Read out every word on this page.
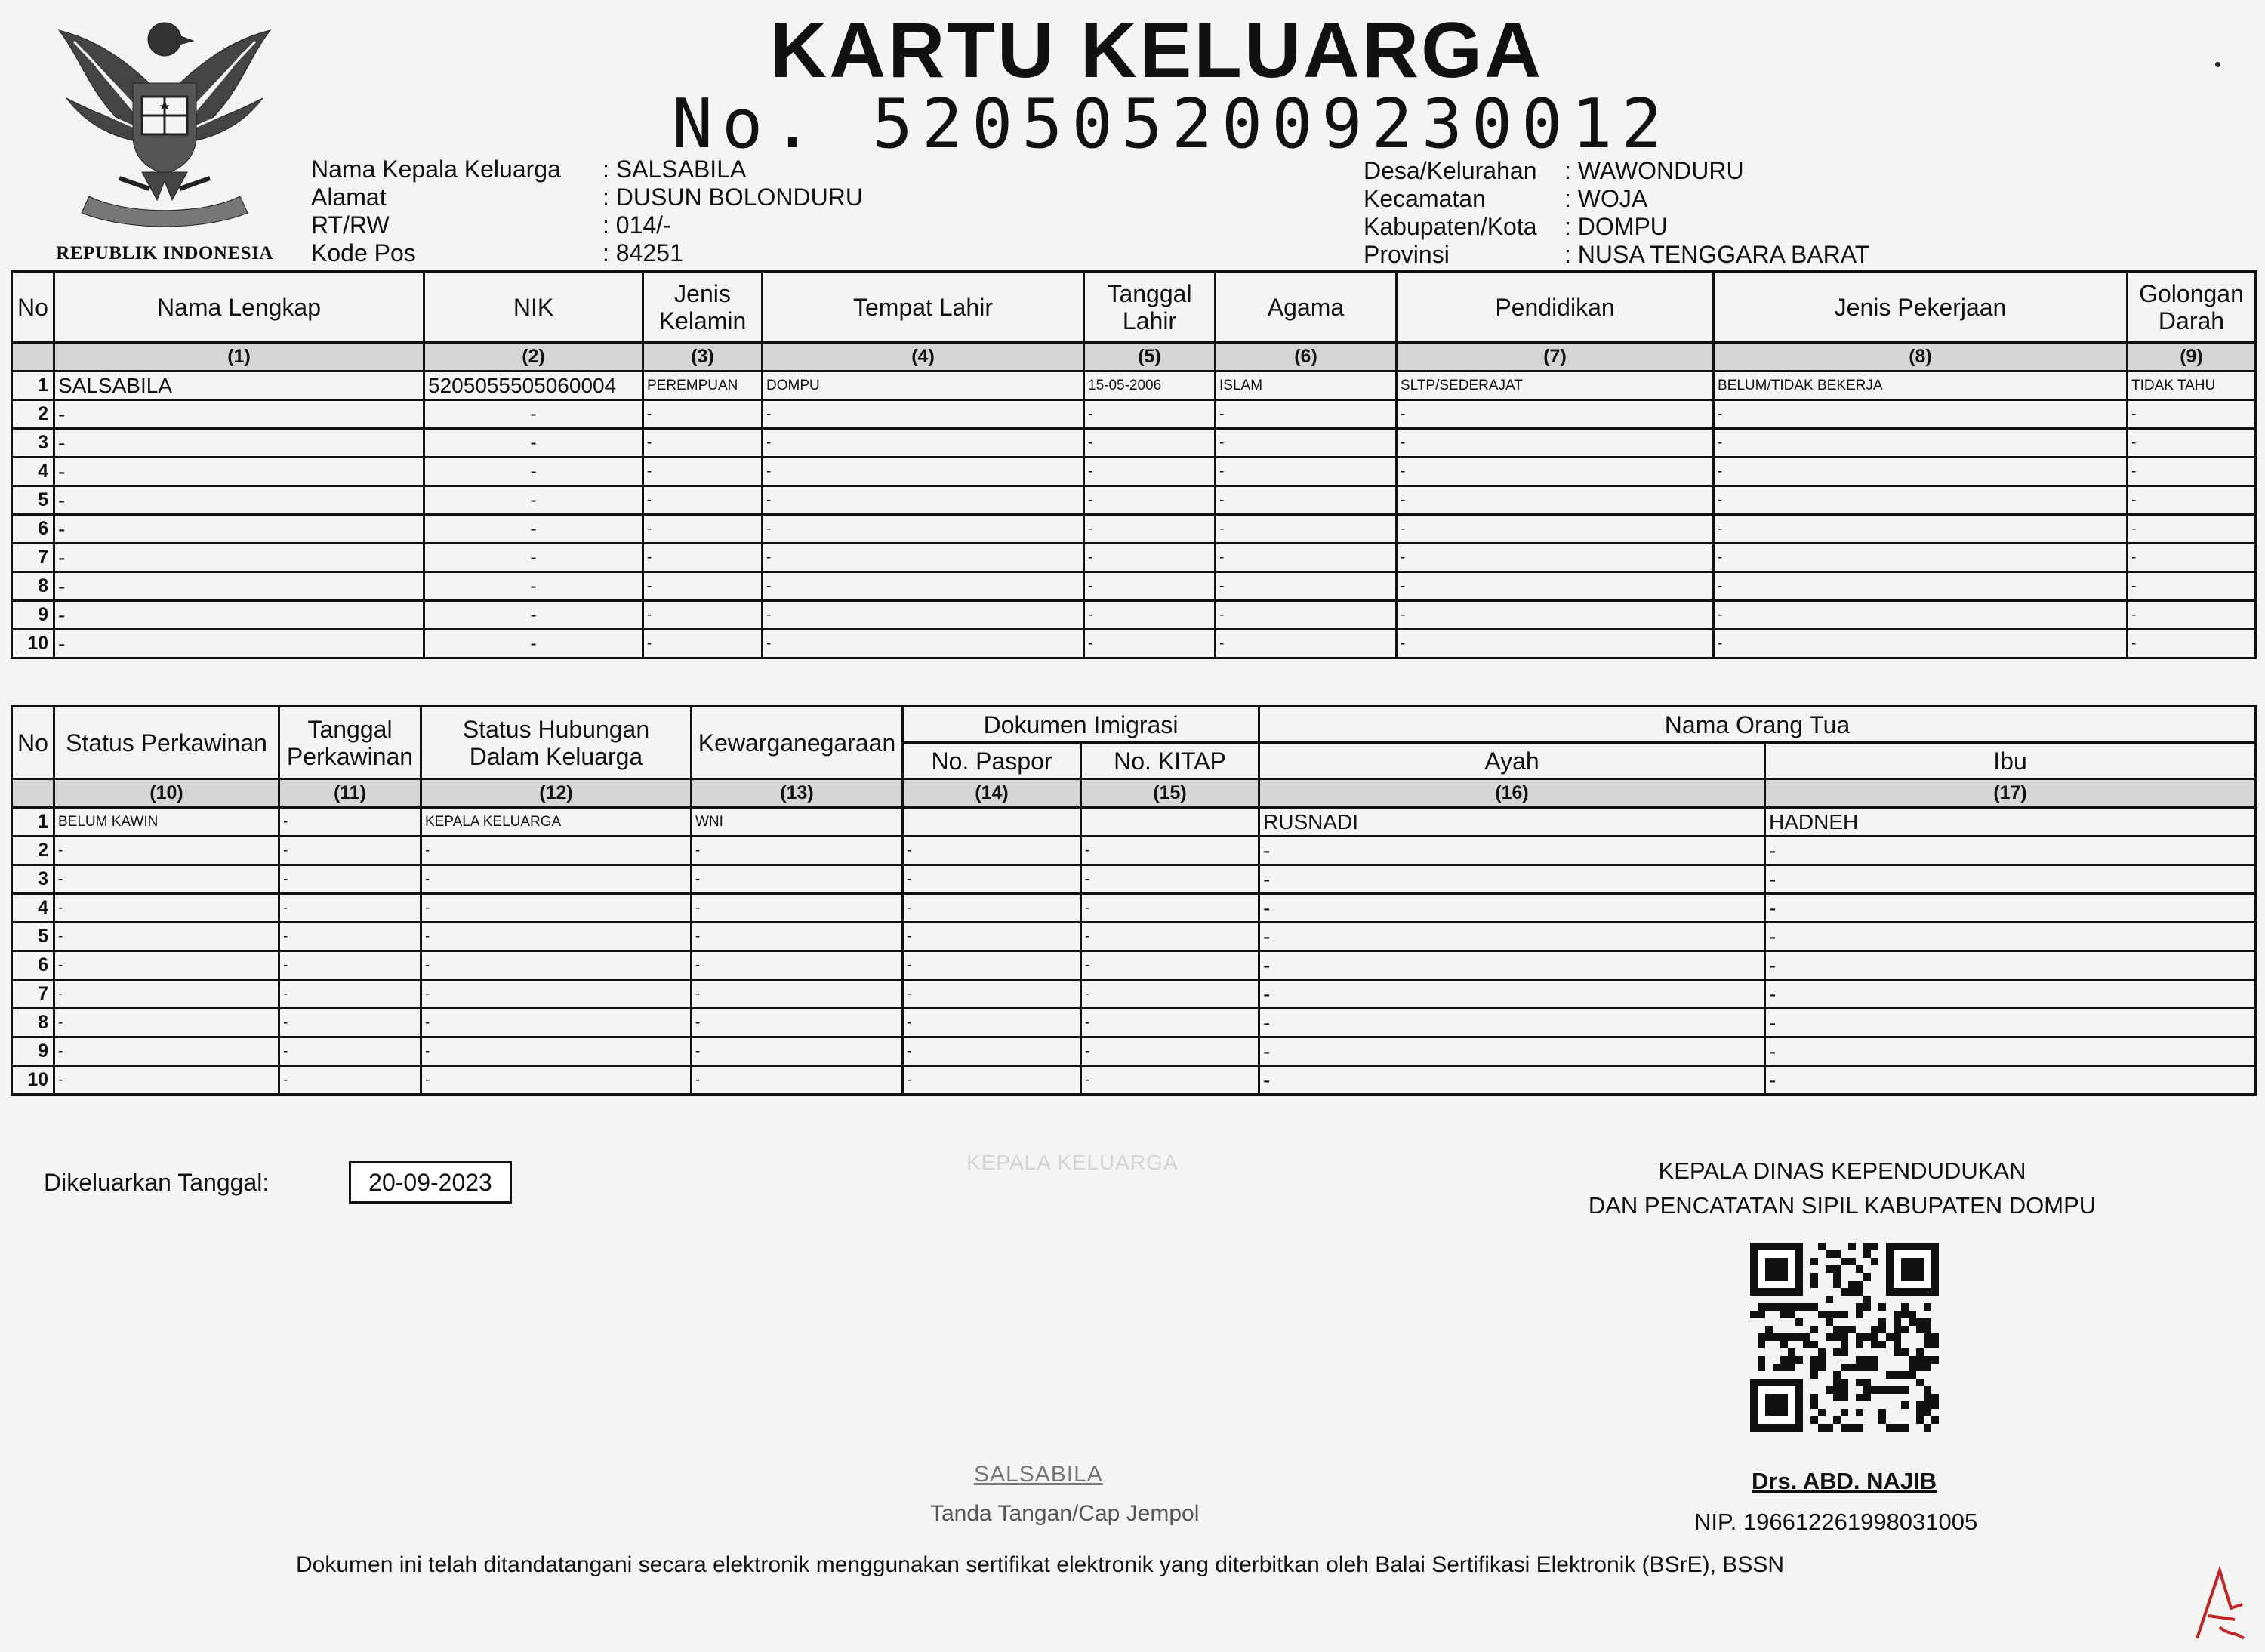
REPUBLIK INDONESIA
KARTU KELUARGA
No. 5205052009230012
Nama Kepala Keluarga	: SALSABILA
Alamat	: DUSUN BOLONDURU
RT/RW	: 014/-
Kode Pos	: 84251
Desa/Kelurahan	: WAWONDURU
Kecamatan	: WOJA
Kabupaten/Kota	: DOMPU
Provinsi	: NUSA TENGGARA BARAT
No	Nama Lengkap	NIK	Jenis Kelamin	Tempat Lahir	Tanggal Lahir	Agama	Pendidikan	Jenis Pekerjaan	Golongan Darah
	(1)	(2)	(3)	(4)	(5)	(6)	(7)	(8)	(9)
1	SALSABILA	5205055505060004	PEREMPUAN	DOMPU	15-05-2006	ISLAM	SLTP/SEDERAJAT	BELUM/TIDAK BEKERJA	TIDAK TAHU
2	-	-	-	-	-	-	-	-	-
3	-	-	-	-	-	-	-	-	-
4	-	-	-	-	-	-	-	-	-
5	-	-	-	-	-	-	-	-	-
6	-	-	-	-	-	-	-	-	-
7	-	-	-	-	-	-	-	-	-
8	-	-	-	-	-	-	-	-	-
9	-	-	-	-	-	-	-	-	-
10	-	-	-	-	-	-	-	-	-
No	Status Perkawinan	Tanggal Perkawinan	Status Hubungan Dalam Keluarga	Kewarganegaraan	Dokumen Imigrasi		Nama Orang Tua	
					No. Paspor	No. KITAP	Ayah	Ibu
	(10)	(11)	(12)	(13)	(14)	(15)	(16)	(17)
1	BELUM KAWIN	-	KEPALA KELUARGA	WNI			RUSNADI	HADNEH
2	-	-	-	-	-	-	-	-
3	-	-	-	-	-	-	-	-
4	-	-	-	-	-	-	-	-
5	-	-	-	-	-	-	-	-
6	-	-	-	-	-	-	-	-
7	-	-	-	-	-	-	-	-
8	-	-	-	-	-	-	-	-
9	-	-	-	-	-	-	-	-
10	-	-	-	-	-	-	-	-
Dikeluarkan Tanggal:	20-09-2023
KEPALA KELUARGA	KEPALA DINAS KEPENDUDUKAN
DAN PENCATATAN SIPIL KABUPATEN DOMPU
SALSABILA
Tanda Tangan/Cap Jempol
Drs. ABD. NAJIB
NIP. 196612261998031005
Dokumen ini telah ditandatangani secara elektronik menggunakan sertifikat elektronik yang diterbitkan oleh Balai Sertifikasi Elektronik (BSrE), BSSN
